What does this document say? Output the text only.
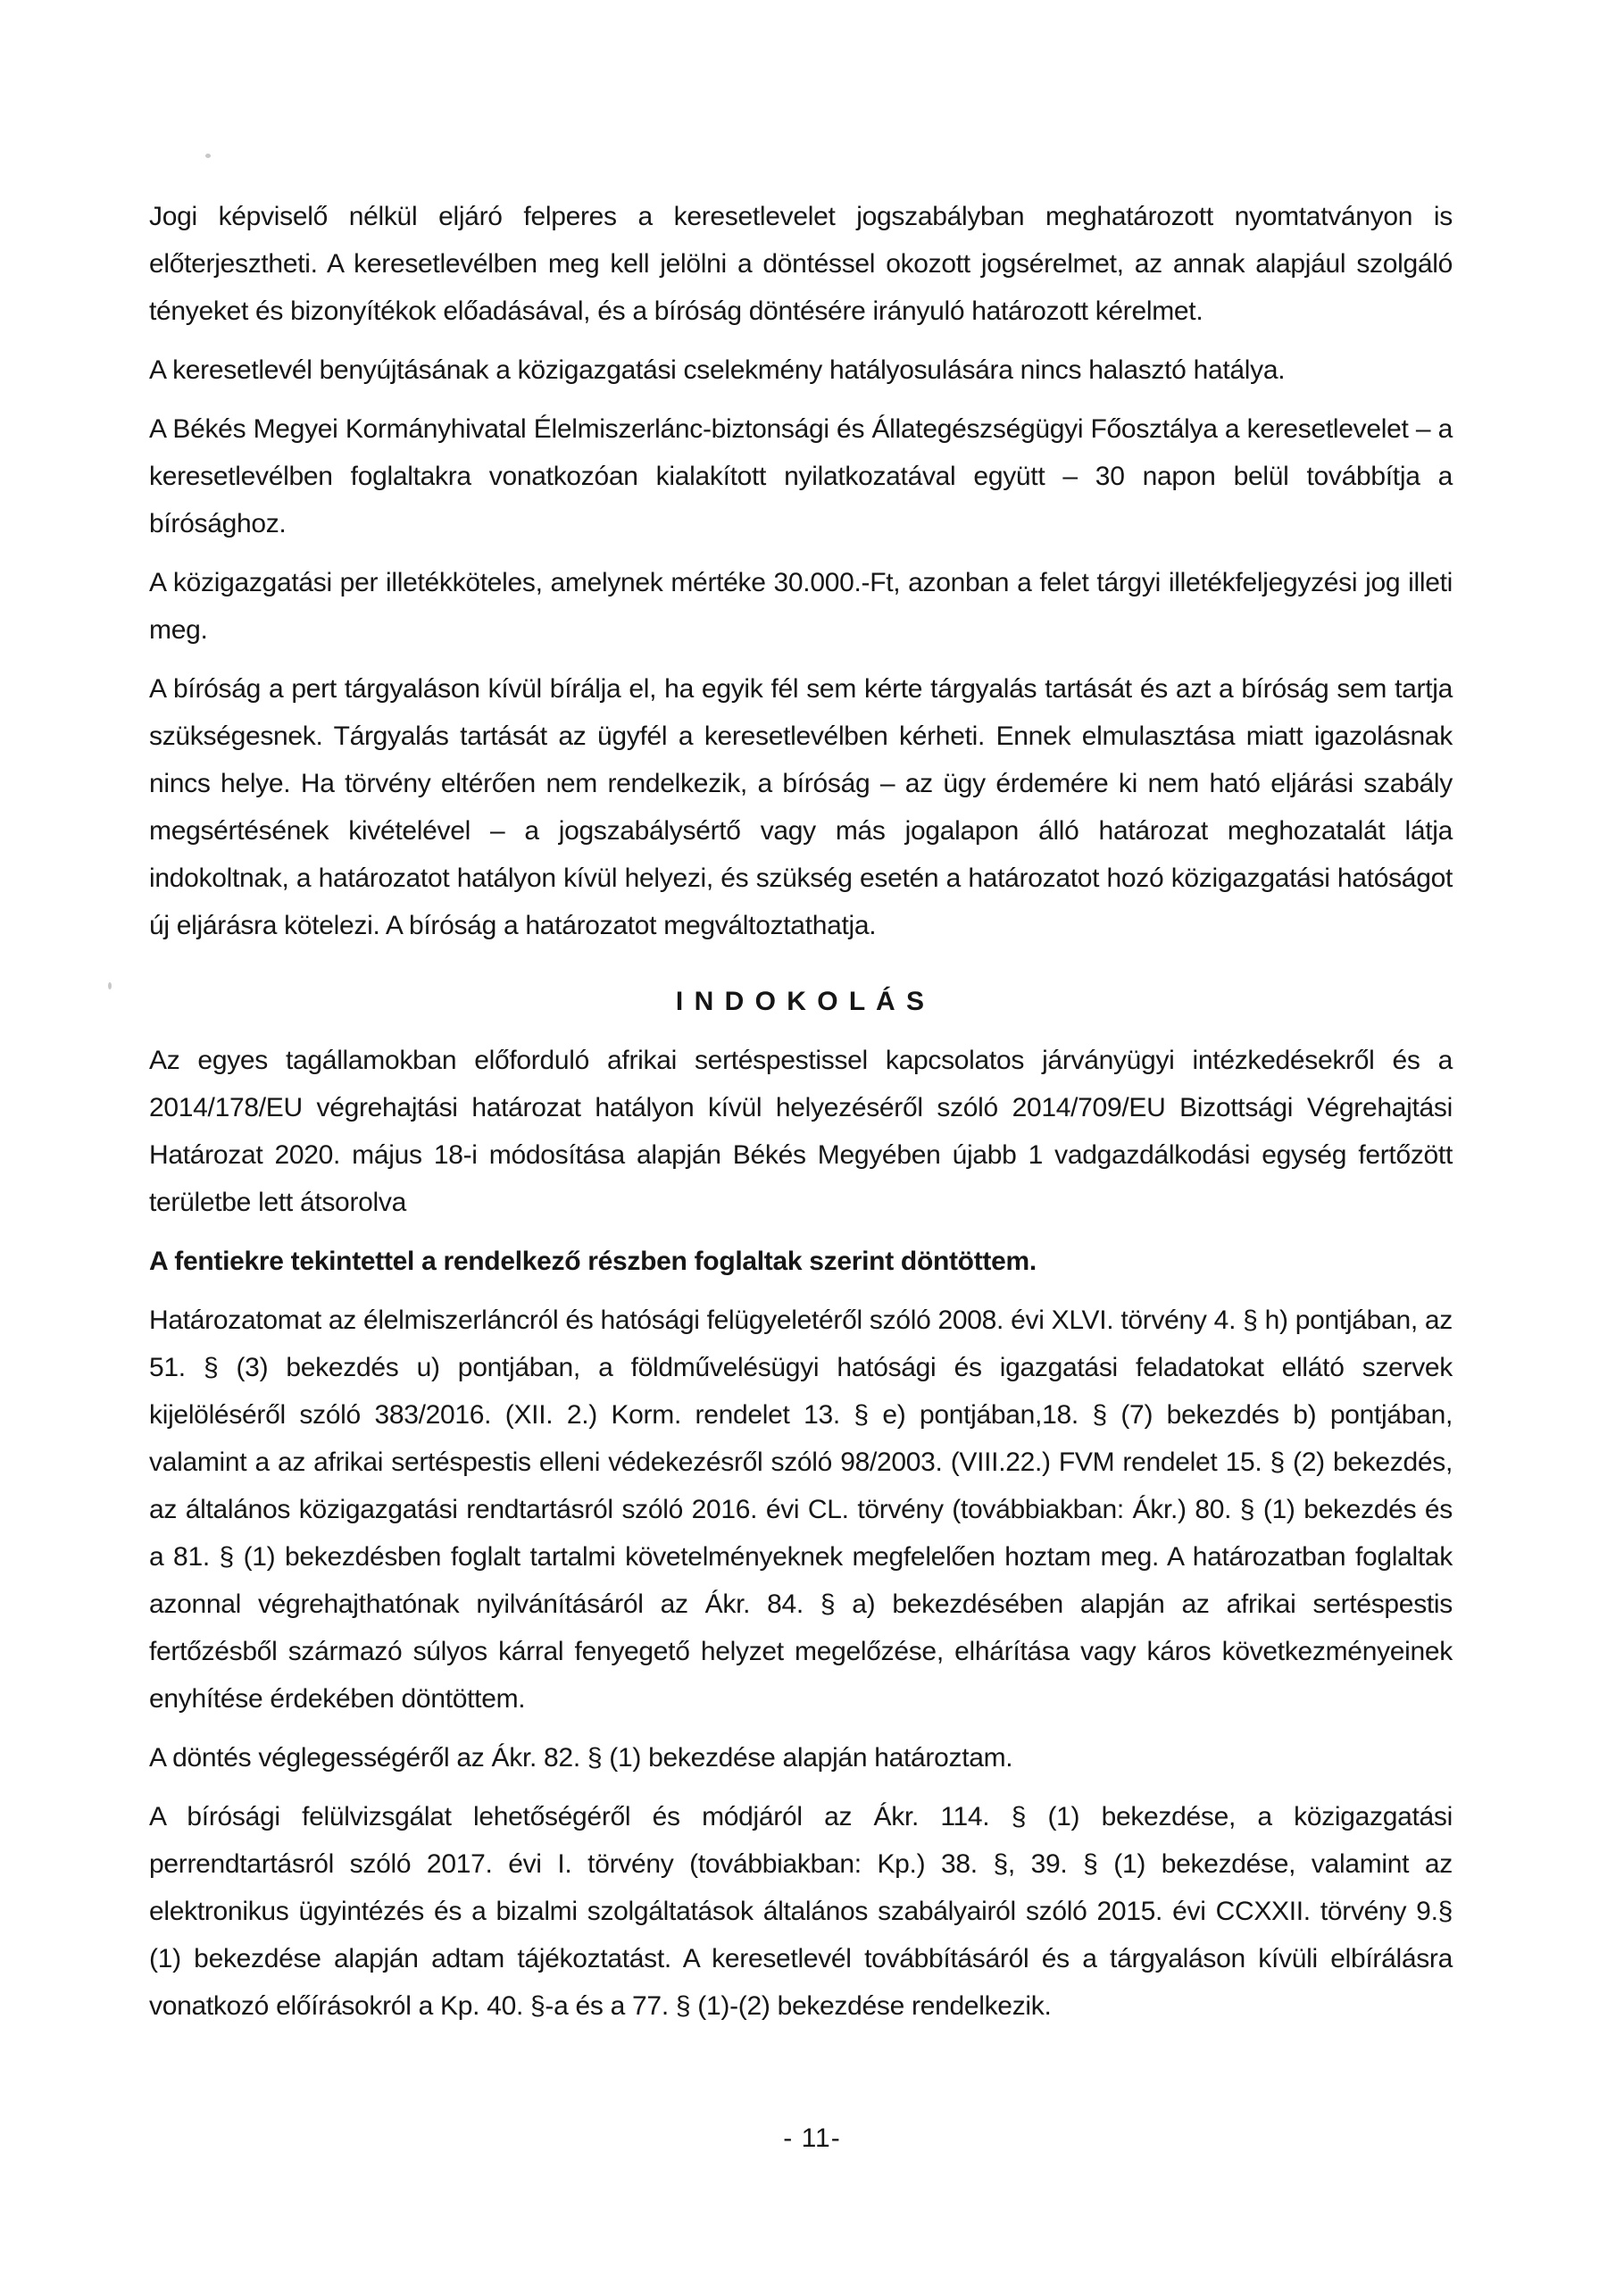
Jogi képviselő nélkül eljáró felperes a keresetlevelet jogszabályban meghatározott nyomtatványon is előterjesztheti. A keresetlevélben meg kell jelölni a döntéssel okozott jogsérelmet, az annak alapjául szolgáló tényeket és bizonyítékok előadásával, és a bíróság döntésére irányuló határozott kérelmet.

A keresetlevél benyújtásának a közigazgatási cselekmény hatályosulására nincs halasztó hatálya.

A Békés Megyei Kormányhivatal Élelmiszerlánc-biztonsági és Állategészségügyi Főosztálya a keresetlevelet – a keresetlevélben foglaltakra vonatkozóan kialakított nyilatkozatával együtt – 30 napon belül továbbítja a bírósághoz.

A közigazgatási per illetékköteles, amelynek mértéke 30.000.-Ft, azonban a felet tárgyi illetékfeljegyzési jog illeti meg.

A bíróság a pert tárgyaláson kívül bírálja el, ha egyik fél sem kérte tárgyalás tartását és azt a bíróság sem tartja szükségesnek. Tárgyalás tartását az ügyfél a keresetlevélben kérheti. Ennek elmulasztása miatt igazolásnak nincs helye. Ha törvény eltérően nem rendelkezik, a bíróság – az ügy érdemére ki nem ható eljárási szabály megsértésének kivételével – a jogszabálysértő vagy más jogalapon álló határozat meghozatalát látja indokoltnak, a határozatot hatályon kívül helyezi, és szükség esetén a határozatot hozó közigazgatási hatóságot új eljárásra kötelezi. A bíróság a határozatot megváltoztathatja.

I N D O K O L Á S

Az egyes tagállamokban előforduló afrikai sertéspestissel kapcsolatos járványügyi intézkedésekről és a 2014/178/EU végrehajtási határozat hatályon kívül helyezéséről szóló 2014/709/EU Bizottsági Végrehajtási Határozat 2020. május 18-i módosítása alapján Békés Megyében újabb 1 vadgazdálkodási egység fertőzött területbe lett átsorolva

A fentiekre tekintettel a rendelkező részben foglaltak szerint döntöttem.

Határozatomat az élelmiszerláncról és hatósági felügyeletéről szóló 2008. évi XLVI. törvény 4. § h) pontjában, az 51. § (3) bekezdés u) pontjában, a földművelésügyi hatósági és igazgatási feladatokat ellátó szervek kijelöléséről szóló 383/2016. (XII. 2.) Korm. rendelet 13. § e) pontjában,18. § (7) bekezdés b) pontjában, valamint a az afrikai sertéspestis elleni védekezésről szóló 98/2003. (VIII.22.) FVM rendelet 15. § (2) bekezdés, az általános közigazgatási rendtartásról szóló 2016. évi CL. törvény (továbbiakban: Ákr.) 80. § (1) bekezdés és a 81. § (1) bekezdésben foglalt tartalmi követelményeknek megfelelően hoztam meg. A határozatban foglaltak azonnal végrehajthatónak nyilvánításáról az Ákr. 84. § a) bekezdésében alapján az afrikai sertéspestis fertőzésből származó súlyos kárral fenyegető helyzet megelőzése, elhárítása vagy káros következményeinek enyhítése érdekében döntöttem.

A döntés véglegességéről az Ákr. 82. § (1) bekezdése alapján határoztam.

A bírósági felülvizsgálat lehetőségéről és módjáról az Ákr. 114. § (1) bekezdése, a közigazgatási perrendtartásról szóló 2017. évi I. törvény (továbbiakban: Kp.) 38. §, 39. § (1) bekezdése, valamint az elektronikus ügyintézés és a bizalmi szolgáltatások általános szabályairól szóló 2015. évi CCXXII. törvény 9.§ (1) bekezdése alapján adtam tájékoztatást. A keresetlevél továbbításáról és a tárgyaláson kívüli elbírálásra vonatkozó előírásokról a Kp. 40. §-a és a 77. § (1)-(2) bekezdése rendelkezik.

- 11-
